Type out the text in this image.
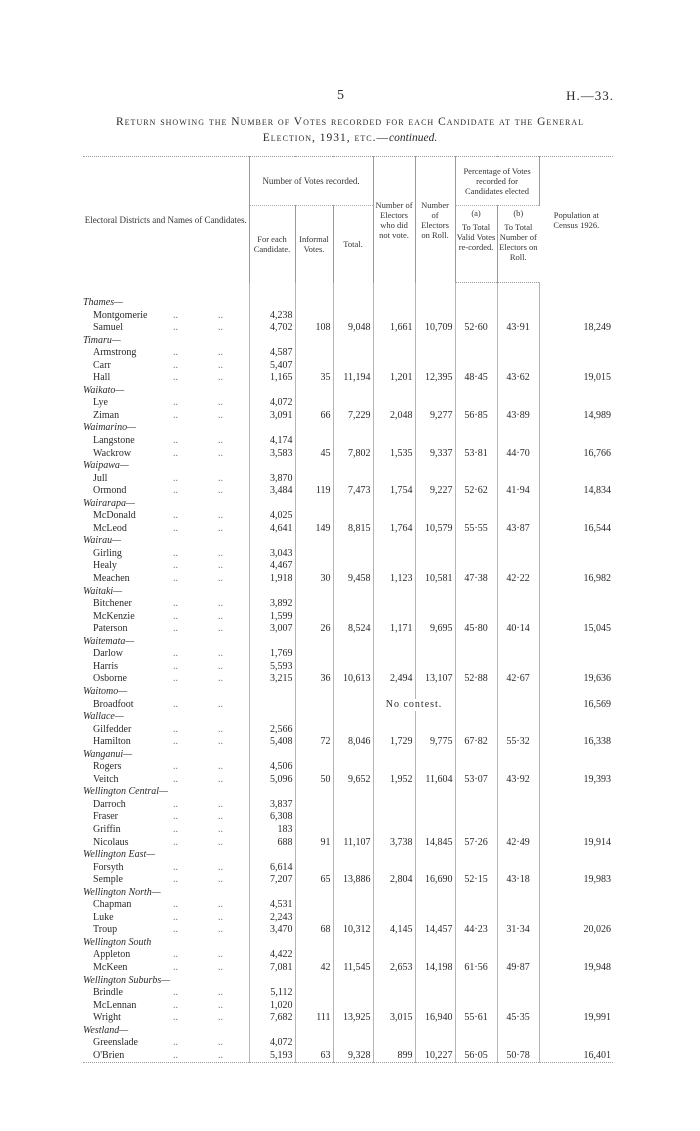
5	H.—33.
Return showing the Number of Votes recorded for each Candidate at the General
Election, 1931, etc.—continued.
Electoral Districts and Names of Candidates.	Number of Votes recorded.			Number of Electors who did not vote.	Number of Electors on Roll.	Percentage of Votes recorded for Candidates elected		Population at Census 1926.
	For each Candidate.	Informal Votes.	Total.			(a)	(b)	
						To Total Valid Votes re-corded.	To Total Number of Electors on Roll.	

Thames—								
Montgomerie .. ..	4,238							
Samuel .. ..	4,702	108	9,048	1,661	10,709	52·60	43·91	18,249
Timaru—								
Armstrong .. ..	4,587							
Carr .. ..	5,407							
Hall .. ..	1,165	35	11,194	1,201	12,395	48·45	43·62	19,015
Waikato—								
Lye .. ..	4,072							
Ziman .. ..	3,091	66	7,229	2,048	9,277	56·85	43·89	14,989
Waimarino—								
Langstone .. ..	4,174							
Wackrow .. ..	3,583	45	7,802	1,535	9,337	53·81	44·70	16,766
Waipawa—								
Jull .. ..	3,870							
Ormond .. ..	3,484	119	7,473	1,754	9,227	52·62	41·94	14,834
Wairarapa—								
McDonald .. ..	4,025							
McLeod .. ..	4,641	149	8,815	1,764	10,579	55·55	43·87	16,544
Wairau—								
Girling .. ..	3,043							
Healy .. ..	4,467							
Meachen .. ..	1,918	30	9,458	1,123	10,581	47·38	42·22	16,982
Waitaki—								
Bitchener .. ..	3,892							
McKenzie .. ..	1,599							
Paterson .. ..	3,007	26	8,524	1,171	9,695	45·80	40·14	15,045
Waitemata—								
Darlow .. ..	1,769							
Harris .. ..	5,593							
Osborne .. ..	3,215	36	10,613	2,494	13,107	52·88	42·67	19,636
Waitomo—								
Broadfoot .. ..				No contest.				16,569
Wallace—								
Gilfedder .. ..	2,566							
Hamilton .. ..	5,408	72	8,046	1,729	9,775	67·82	55·32	16,338
Wanganui—								
Rogers .. ..	4,506							
Veitch .. ..	5,096	50	9,652	1,952	11,604	53·07	43·92	19,393
Wellington Central—								
Darroch .. ..	3,837							
Fraser .. ..	6,308							
Griffin .. ..	183							
Nicolaus .. ..	688	91	11,107	3,738	14,845	57·26	42·49	19,914
Wellington East—								
Forsyth .. ..	6,614							
Semple .. ..	7,207	65	13,886	2,804	16,690	52·15	43·18	19,983
Wellington North—								
Chapman .. ..	4,531							
Luke .. ..	2,243							
Troup .. ..	3,470	68	10,312	4,145	14,457	44·23	31·34	20,026
Wellington South								
Appleton .. ..	4,422							
McKeen .. ..	7,081	42	11,545	2,653	14,198	61·56	49·87	19,948
Wellington Suburbs—								
Brindle .. ..	5,112							
McLennan .. ..	1,020							
Wright .. ..	7,682	111	13,925	3,015	16,940	55·61	45·35	19,991
Westland—								
Greenslade .. ..	4,072							
O'Brien .. ..	5,193	63	9,328	899	10,227	56·05	50·78	16,401
